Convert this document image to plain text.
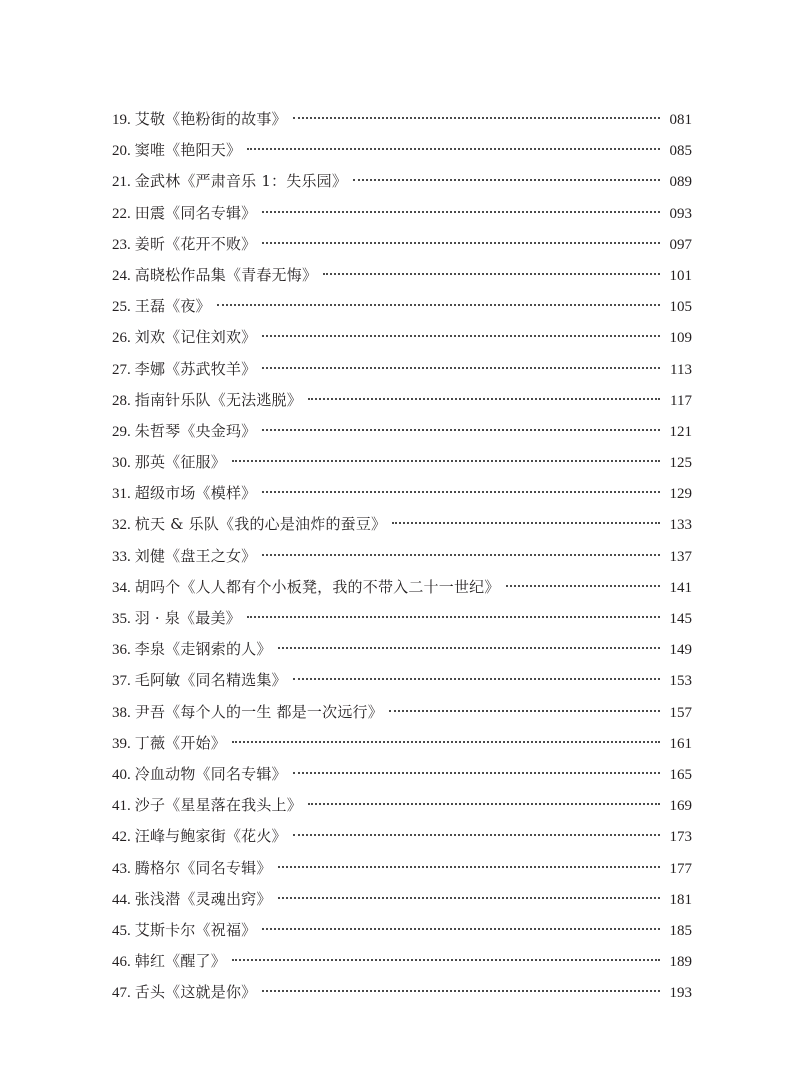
19. 艾敬《艳粉街的故事》	081
20. 窦唯《艳阳天》	085
21. 金武林《严肃音乐 1：失乐园》	089
22. 田震《同名专辑》	093
23. 姜昕《花开不败》	097
24. 高晓松作品集《青春无悔》	101
25. 王磊《夜》	105
26. 刘欢《记住刘欢》	109
27. 李娜《苏武牧羊》	113
28. 指南针乐队《无法逃脱》	117
29. 朱哲琴《央金玛》	121
30. 那英《征服》	125
31. 超级市场《模样》	129
32. 杭天 & 乐队《我的心是油炸的蚕豆》	133
33. 刘健《盘王之女》	137
34. 胡吗个《人人都有个小板凳，我的不带入二十一世纪》	141
35. 羽 · 泉《最美》	145
36. 李泉《走钢索的人》	149
37. 毛阿敏《同名精选集》	153
38. 尹吾《每个人的一生 都是一次远行》	157
39. 丁薇《开始》	161
40. 冷血动物《同名专辑》	165
41. 沙子《星星落在我头上》	169
42. 汪峰与鲍家街《花火》	173
43. 腾格尔《同名专辑》	177
44. 张浅潜《灵魂出窍》	181
45. 艾斯卡尔《祝福》	185
46. 韩红《醒了》	189
47. 舌头《这就是你》	193
